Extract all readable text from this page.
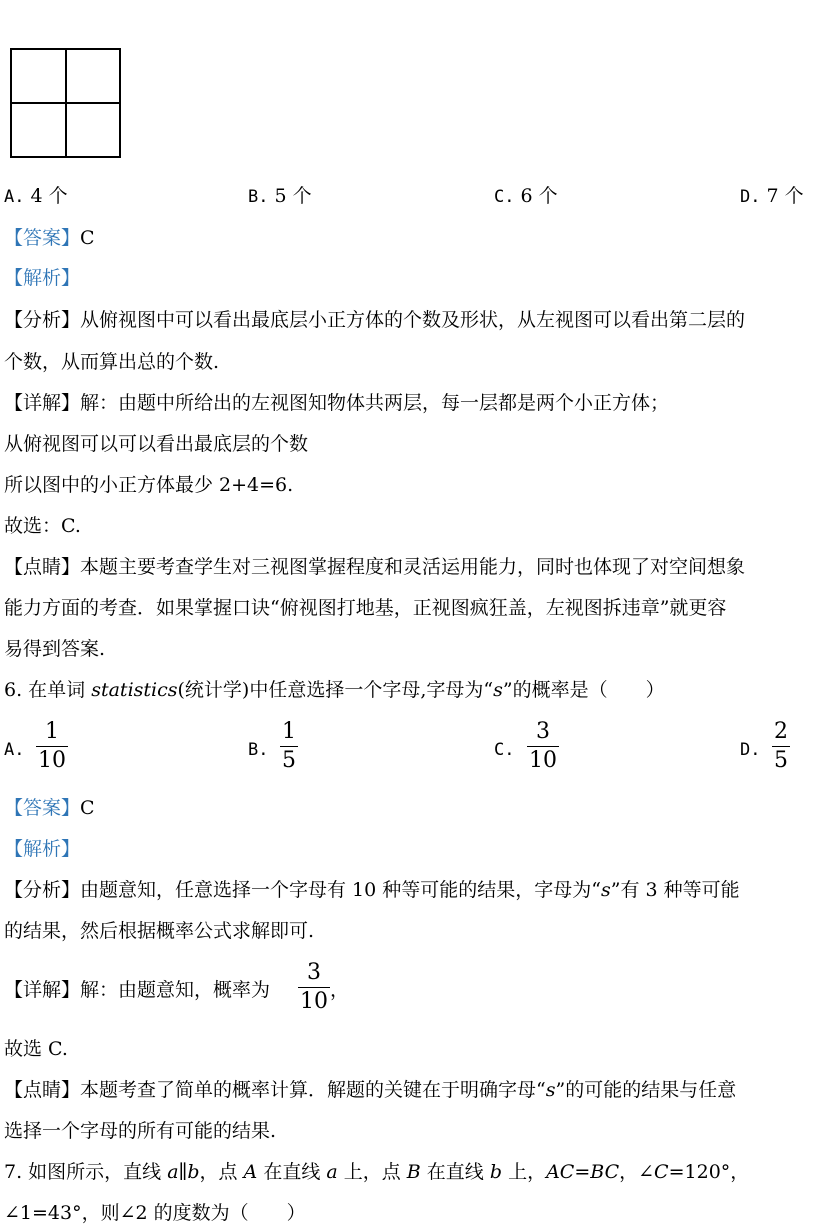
A. 4 个	B. 5 个	C. 6 个	D. 7 个
【答案】C
【解析】
【分析】从俯视图中可以看出最底层小正方体的个数及形状，从左视图可以看出第二层的
个数，从而算出总的个数.
【详解】解：由题中所给出的左视图知物体共两层，每一层都是两个小正方体；
从俯视图可以可以看出最底层的个数
所以图中的小正方体最少 2+4=6.
故选：C.
【点睛】本题主要考查学生对三视图掌握程度和灵活运用能力，同时也体现了对空间想象
能力方面的考查．如果掌握口诀“俯视图打地基，正视图疯狂盖，左视图拆违章”就更容
易得到答案.
6. 在单词 statistics(统计学)中任意选择一个字母,字母为“s”的概率是（　　）
A.
1
10	B.
1
5	C.
3
10	D.
2
5
【答案】C
【解析】
【分析】由题意知，任意选择一个字母有 10 种等可能的结果，字母为“s”有 3 种等可能
的结果，然后根据概率公式求解即可.
【详解】解：由题意知，概率为
3
10 ，
故选 C.
【点睛】本题考查了简单的概率计算．解题的关键在于明确字母“s”的可能的结果与任意
选择一个字母的所有可能的结果.
7. 如图所示，直线 a∥b，点 A 在直线 a 上，点 B 在直线 b 上，AC=BC，∠C=120°，
∠1=43°，则∠2 的度数为（　　）
